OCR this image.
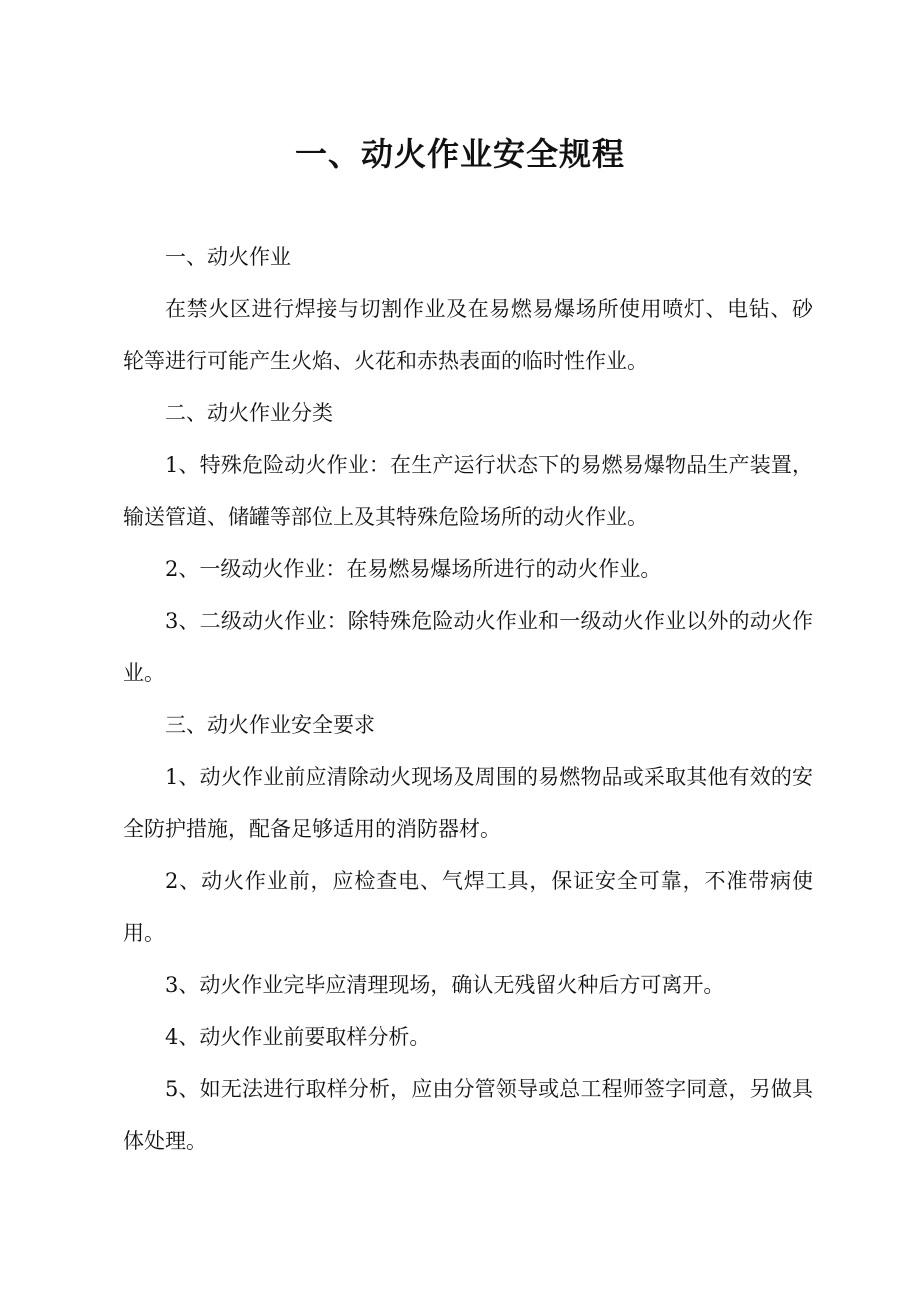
一、动火作业安全规程

一、动火作业

在禁火区进行焊接与切割作业及在易燃易爆场所使用喷灯、电钻、砂轮等进行可能产生火焰、火花和赤热表面的临时性作业。

二、动火作业分类

1、特殊危险动火作业：在生产运行状态下的易燃易爆物品生产装置，输送管道、储罐等部位上及其特殊危险场所的动火作业。

2、一级动火作业：在易燃易爆场所进行的动火作业。

3、二级动火作业：除特殊危险动火作业和一级动火作业以外的动火作业。

三、动火作业安全要求

1、动火作业前应清除动火现场及周围的易燃物品或采取其他有效的安全防护措施，配备足够适用的消防器材。

2、动火作业前，应检查电、气焊工具，保证安全可靠，不准带病使用。

3、动火作业完毕应清理现场，确认无残留火种后方可离开。

4、动火作业前要取样分析。

5、如无法进行取样分析，应由分管领导或总工程师签字同意，另做具体处理。
